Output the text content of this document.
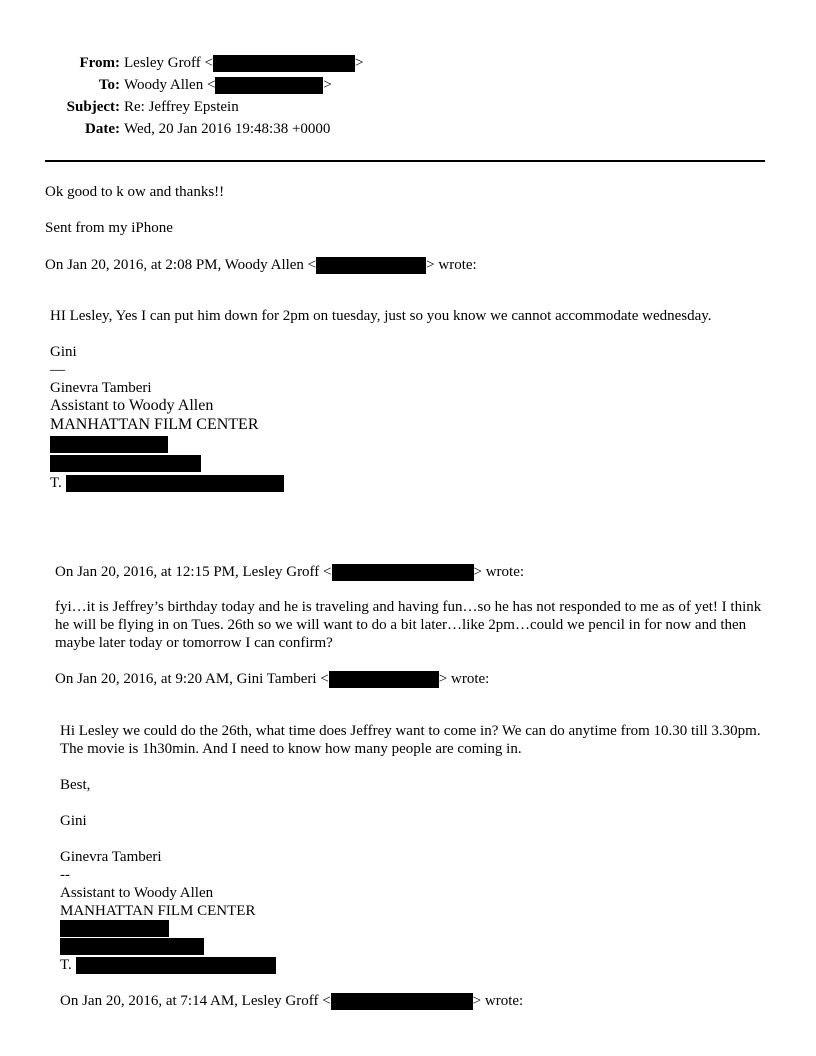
From: Lesley Groff <	>
To: Woody Allen <	>
Subject: Re: Jeffrey Epstein
Date: Wed, 20 Jan 2016 19:48:38 +0000
Ok good to k ow and thanks!!
Sent from my iPhone
On Jan 20, 2016, at 2:08 PM, Woody Allen <	> wrote:
HI Lesley, Yes I can put him down for 2pm on tuesday, just so you know we cannot accommodate wednesday.
Gini
—
Ginevra Tamberi
Assistant to Woody Allen
MANHATTAN FILM CENTER
T.
On Jan 20, 2016, at 12:15 PM, Lesley Groff <	> wrote:
fyi…it is Jeffrey’s birthday today and he is traveling and having fun…so he has not responded to me as of yet! I think he will be flying in on Tues. 26th so we will want to do a bit later…like 2pm…could we pencil in for now and then maybe later today or tomorrow I can confirm?
On Jan 20, 2016, at 9:20 AM, Gini Tamberi <	> wrote:
Hi Lesley we could do the 26th, what time does Jeffrey want to come in? We can do anytime from 10.30 till 3.30pm. The movie is 1h30min. And I need to know how many people are coming in.
Best,
Gini
Ginevra Tamberi
--
Assistant to Woody Allen
MANHATTAN FILM CENTER
T.
On Jan 20, 2016, at 7:14 AM, Lesley Groff <	> wrote:
